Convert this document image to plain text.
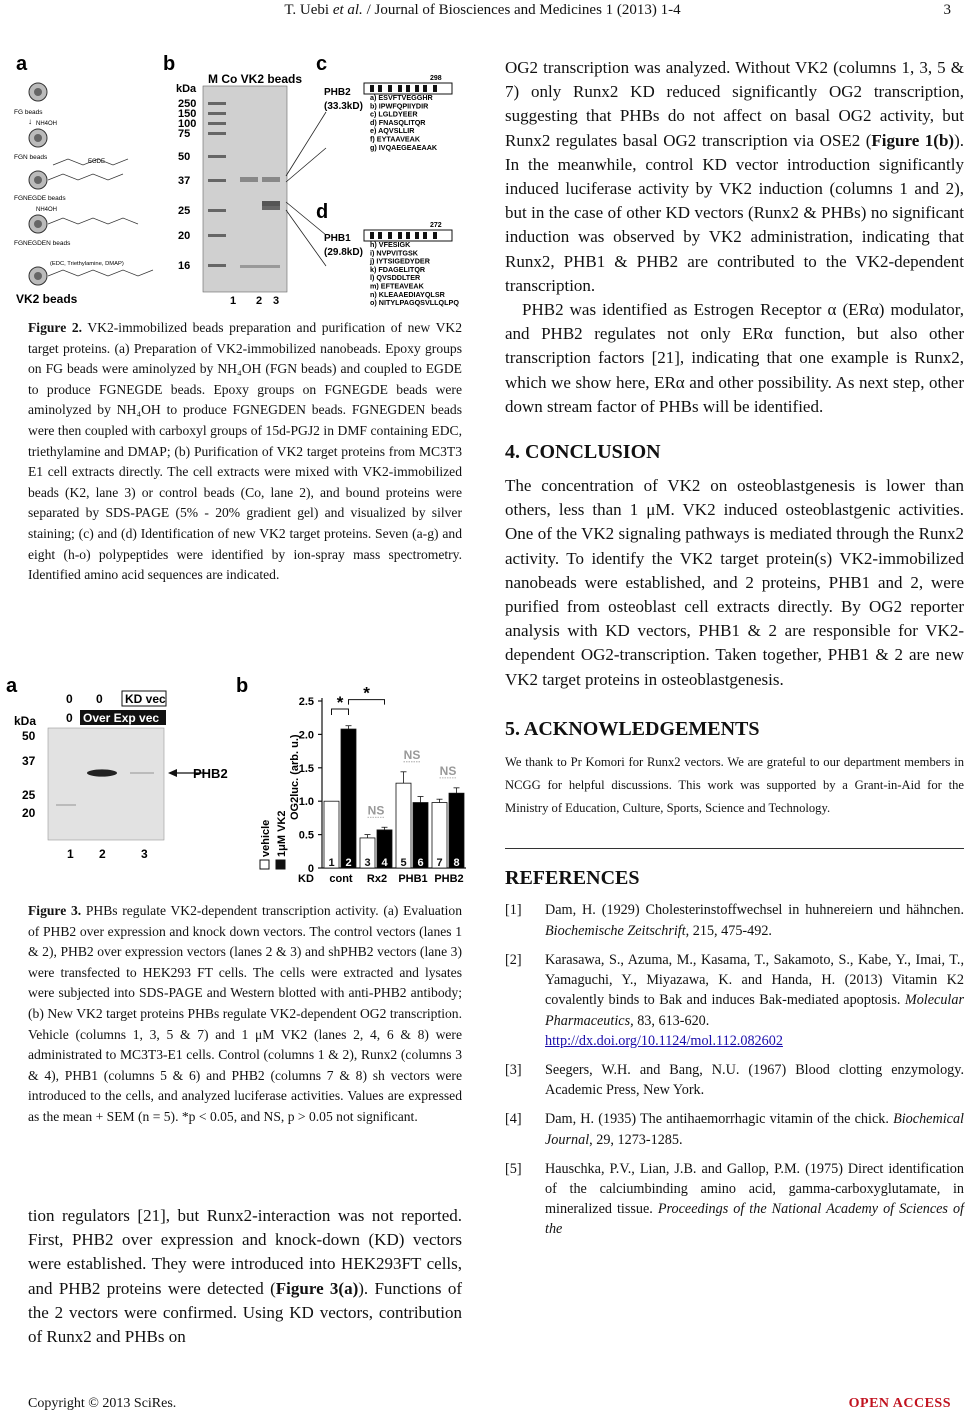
T. Uebi et al. / Journal of Biosciences and Medicines 1 (2013) 1-4	3
a
FG beads
NH4OH
↓
FGN beads
EGDE
FGNEGDE beads
NH4OH
FGNEGDEN beads
(EDC, Triethylamine, DMAP)
VK2 beads
b
M Co VK2 beads
kDa
250
150
100
75
50
37
25
20
16
1 2 3
c
PHB2
(33.3kD)
298
a) ESVFTVEGGHR
b) IPWFQPIIYDIR
c) LGLDYEER
d) FNASQLITQR
e) AQVSLLIR
f) EYTAAVEAK
g) IVQAEGEAEAAK
d
PHB1
(29.8kD)
272
h) VFESIGK
i) NVPVITGSK
j) IYTSIGEDYDER
k) FDAGELITQR
l) QVSDDLTER
m) EFTEAVEAK
n) KLEAAEDIAYQLSR
o) NITYLPAGQSVLLQLPQ
Figure 2. VK2-immobilized beads preparation and purification of new VK2 target proteins. (a) Preparation of VK2-immobilized nanobeads. Epoxy groups on FG beads were aminolyzed by NH₄OH (FGN beads) and coupled to EGDE to produce FGNEGDE beads. Epoxy groups on FGNEGDE beads were aminolyzed by NH₄OH to produce FGNEGDEN beads. FGNEGDEN beads were then coupled with carboxyl groups of 15d-PGJ2 in DMF containing EDC, triethylamine and DMAP; (b) Purification of VK2 target proteins from MC3T3 E1 cell extracts directly. The cell extracts were mixed with VK2-immobilized beads (K2, lane 3) or control beads (Co, lane 2), and bound proteins were separated by SDS-PAGE (5% - 20% gradient gel) and visualized by silver staining; (c) and (d) Identification of new VK2 target proteins. Seven (a-g) and eight (h-o) polypeptides were identified by ion-spray mass spectrometry. Identified amino acid sequences are indicated.
a
0 0 KD vec
0 Over Exp vec
kDa
50
37
25
20
1 2	3
PHB2
b
0
0.5
1.0
1.5
2.0
2.5
OG2luc. (arb. u.)
vehicle 1μM VK2
1 2
cont
3 4
Rx2
5 6
PHB1
7 8
PHB2
KD
* *
NS
NS
NS
Figure 3. PHBs regulate VK2-dependent transcription activity. (a) Evaluation of PHB2 over expression and knock down vectors. The control vectors (lanes 1 & 2), PHB2 over expression vectors (lanes 2 & 3) and shPHB2 vectors (lane 3) were transfected to HEK293 FT cells. The cells were extracted and lysates were subjected into SDS-PAGE and Western blotted with anti-PHB2 antibody; (b) New VK2 target proteins PHBs regulate VK2-dependent OG2 transcription. Vehicle (columns 1, 3, 5 & 7) and 1 μM VK2 (lanes 2, 4, 6 & 8) were administrated to MC3T3-E1 cells. Control (columns 1 & 2), Runx2 (columns 3 & 4), PHB1 (columns 5 & 6) and PHB2 (columns 7 & 8) sh vectors were introduced to the cells, and analyzed luciferase activities. Values are expressed as the mean + SEM (n = 5). *p < 0.05, and NS, p > 0.05 not significant.

tion regulators [21], but Runx2-interaction was not reported. First, PHB2 over expression and knock-down (KD) vectors were established. They were introduced into HEK293FT cells, and PHB2 proteins were detected (Figure 3(a)). Functions of the 2 vectors were confirmed. Using KD vectors, contribution of Runx2 and PHBs on

OG2 transcription was analyzed. Without VK2 (columns 1, 3, 5 & 7) only Runx2 KD reduced significantly OG2 transcription, suggesting that PHBs do not affect on basal OG2 activity, but Runx2 regulates basal OG2 transcription via OSE2 (Figure 1(b)). In the meanwhile, control KD vector introduction significantly induced luciferase activity by VK2 induction (columns 1 and 2), but in the case of other KD vectors (Runx2 & PHBs) no significant induction was observed by VK2 administration, indicating that Runx2, PHB1 & PHB2 are contributed to the VK2-dependent transcription.

PHB2 was identified as Estrogen Receptor α (ERα) modulator, and PHB2 regulates not only ERα function, but also other transcription factors [21], indicating that one example is Runx2, which we show here, ERα and other possibility. As next step, other down stream factor of PHBs will be identified.

4. CONCLUSION

The concentration of VK2 on osteoblastgenesis is lower than others, less than 1 μM. VK2 induced osteoblastgenic activities. One of the VK2 signaling pathways is mediated through the Runx2 activity. To identify the VK2 target protein(s) VK2-immobilized nanobeads were established, and 2 proteins, PHB1 and 2, were purified from osteoblast cell extracts directly. By OG2 reporter analysis with KD vectors, PHB1 & 2 are responsible for VK2-dependent OG2-transcription. Taken together, PHB1 & 2 are new VK2 target proteins in osteoblastgenesis.

5. ACKNOWLEDGEMENTS
We thank to Pr Komori for Runx2 vectors. We are grateful to our department members in NCGG for helpful discussions. This work was supported by a Grant-in-Aid for the Ministry of Education, Culture, Sports, Science and Technology.
REFERENCES
[1]	Dam, H. (1929) Cholesterinstoffwechsel in huhnereiern und hähnchen. Biochemische Zeitschrift, 215, 475-492.
[2]	Karasawa, S., Azuma, M., Kasama, T., Sakamoto, S., Kabe, Y., Imai, T., Yamaguchi, Y., Miyazawa, K. and Handa, H. (2013) Vitamin K2 covalently binds to Bak and induces Bak-mediated apoptosis. Molecular Pharmaceutics, 83, 613-620.
http://dx.doi.org/10.1124/mol.112.082602
[3]	Seegers, W.H. and Bang, N.U. (1967) Blood clotting enzymology. Academic Press, New York.
[4]	Dam, H. (1935) The antihaemorrhagic vitamin of the chick. Biochemical Journal, 29, 1273-1285.
[5]	Hauschka, P.V., Lian, J.B. and Gallop, P.M. (1975) Direct identification of the calciumbinding amino acid, gamma-carboxyglutamate, in mineralized tissue. Proceedings of the National Academy of Sciences of the
Copyright © 2013 SciRes.	OPEN ACCESS
